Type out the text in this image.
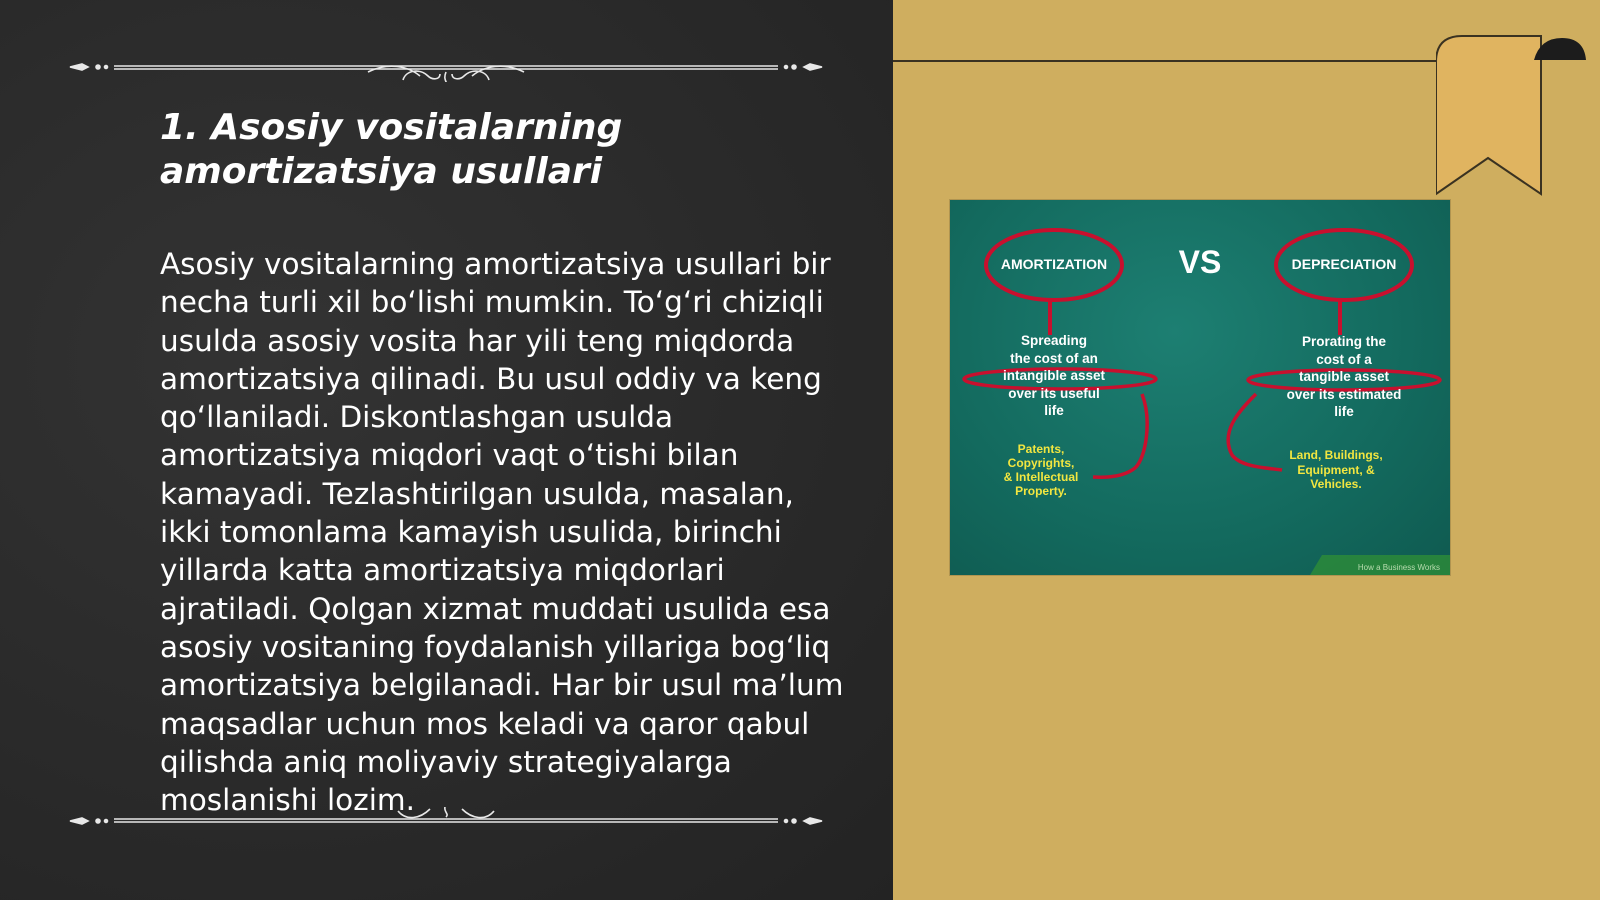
1. Asosiy vositalarning amortizatsiya usullari

Asosiy vositalarning amortizatsiya usullari bir necha turli xil bo‘lishi mumkin. To‘g‘ri chiziqli usulda asosiy vosita har yili teng miqdorda amortizatsiya qilinadi. Bu usul oddiy va keng qo‘llaniladi. Diskontlashgan usulda amortizatsiya miqdori vaqt o‘tishi bilan kamayadi. Tezlashtirilgan usulda, masalan, ikki tomonlama kamayish usulida, birinchi yillarda katta amortizatsiya miqdorlari ajratiladi. Qolgan xizmat muddati usulida esa asosiy vositaning foydalanish yillariga bog‘liq amortizatsiya belgilanadi. Har bir usul ma’lum maqsadlar uchun mos keladi va qaror qabul qilishda aniq moliyaviy strategiyalarga moslanishi lozim.

AMORTIZATION	VS	DEPRECIATION
Spreading
the cost of an
intangible asset
over its useful
life
Prorating the
cost of a
tangible asset
over its estimated
life
Patents,
Copyrights,
& Intellectual
Property.
Land, Buildings,
Equipment, &
Vehicles.
How a Business Works
